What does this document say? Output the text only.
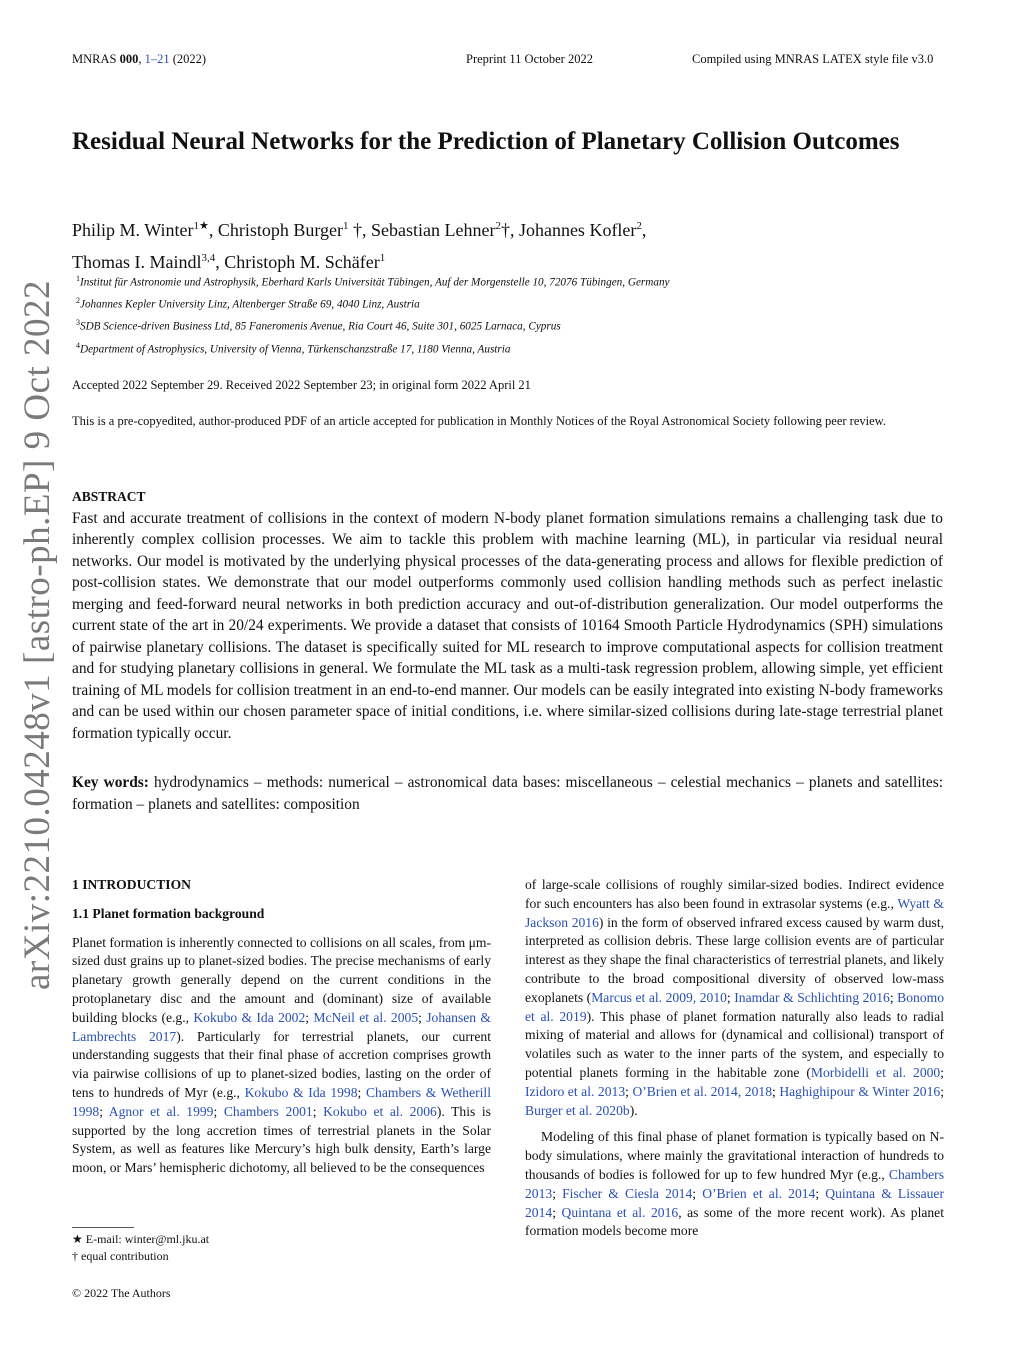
MNRAS 000, 1–21 (2022)	Preprint 11 October 2022	Compiled using MNRAS LATEX style file v3.0
arXiv:2210.04248v1 [astro-ph.EP] 9 Oct 2022
Residual Neural Networks for the Prediction of Planetary Collision Outcomes
Philip M. Winter$^{1★}$, Christoph Burger$^1$ †, Sebastian Lehner$^2$†, Johannes Kofler$^2$,
Thomas I. Maindl$^{3,4}$, Christoph M. Schäfer$^1$
$^1$Institut für Astronomie und Astrophysik, Eberhard Karls Universität Tübingen, Auf der Morgenstelle 10, 72076 Tübingen, Germany
$^2$Johannes Kepler University Linz, Altenberger Straße 69, 4040 Linz, Austria
$^3$SDB Science-driven Business Ltd, 85 Faneromenis Avenue, Ria Court 46, Suite 301, 6025 Larnaca, Cyprus
$^4$Department of Astrophysics, University of Vienna, Türkenschanzstraße 17, 1180 Vienna, Austria
Accepted 2022 September 29. Received 2022 September 23; in original form 2022 April 21
This is a pre-copyedited, author-produced PDF of an article accepted for publication in Monthly Notices of the Royal Astronomical Society following peer review.
ABSTRACT

Fast and accurate treatment of collisions in the context of modern N-body planet formation simulations remains a challenging task due to inherently complex collision processes. We aim to tackle this problem with machine learning (ML), in particular via residual neural networks. Our model is motivated by the underlying physical processes of the data-generating process and allows for flexible prediction of post-collision states. We demonstrate that our model outperforms commonly used collision handling methods such as perfect inelastic merging and feed-forward neural networks in both prediction accuracy and out-of-distribution generalization. Our model outperforms the current state of the art in 20/24 experiments. We provide a dataset that consists of 10164 Smooth Particle Hydrodynamics (SPH) simulations of pairwise planetary collisions. The dataset is specifically suited for ML research to improve computational aspects for collision treatment and for studying planetary collisions in general. We formulate the ML task as a multi-task regression problem, allowing simple, yet efficient training of ML models for collision treatment in an end-to-end manner. Our models can be easily integrated into existing N-body frameworks and can be used within our chosen parameter space of initial conditions, i.e. where similar-sized collisions during late-stage terrestrial planet formation typically occur.

Key words: hydrodynamics – methods: numerical – astronomical data bases: miscellaneous – celestial mechanics – planets and satellites: formation – planets and satellites: composition
1 INTRODUCTION
1.1 Planet formation background

Planet formation is inherently connected to collisions on all scales, from μm-sized dust grains up to planet-sized bodies. The precise mechanisms of early planetary growth generally depend on the current conditions in the protoplanetary disc and the amount and (dominant) size of available building blocks (e.g., Kokubo & Ida 2002; McNeil et al. 2005; Johansen & Lambrechts 2017). Particularly for terrestrial planets, our current understanding suggests that their final phase of accretion comprises growth via pairwise collisions of up to planet-sized bodies, lasting on the order of tens to hundreds of Myr (e.g., Kokubo & Ida 1998; Chambers & Wetherill 1998; Agnor et al. 1999; Chambers 2001; Kokubo et al. 2006). This is supported by the long accretion times of terrestrial planets in the Solar System, as well as features like Mercury’s high bulk density, Earth’s large moon, or Mars’ hemispheric dichotomy, all believed to be the consequences

★ E-mail: winter@ml.jku.at
† equal contribution
© 2022 The Authors

of large-scale collisions of roughly similar-sized bodies. Indirect evidence for such encounters has also been found in extrasolar systems (e.g., Wyatt & Jackson 2016) in the form of observed infrared excess caused by warm dust, interpreted as collision debris. These large collision events are of particular interest as they shape the final characteristics of terrestrial planets, and likely contribute to the broad compositional diversity of observed low-mass exoplanets (Marcus et al. 2009, 2010; Inamdar & Schlichting 2016; Bonomo et al. 2019). This phase of planet formation naturally also leads to radial mixing of material and allows for (dynamical and collisional) transport of volatiles such as water to the inner parts of the system, and especially to potential planets forming in the habitable zone (Morbidelli et al. 2000; Izidoro et al. 2013; O’Brien et al. 2014, 2018; Haghighipour & Winter 2016; Burger et al. 2020b).

Modeling of this final phase of planet formation is typically based on N-body simulations, where mainly the gravitational interaction of hundreds to thousands of bodies is followed for up to few hundred Myr (e.g., Chambers 2013; Fischer & Ciesla 2014; O’Brien et al. 2014; Quintana & Lissauer 2014; Quintana et al. 2016, as some of the more recent work). As planet formation models become more
